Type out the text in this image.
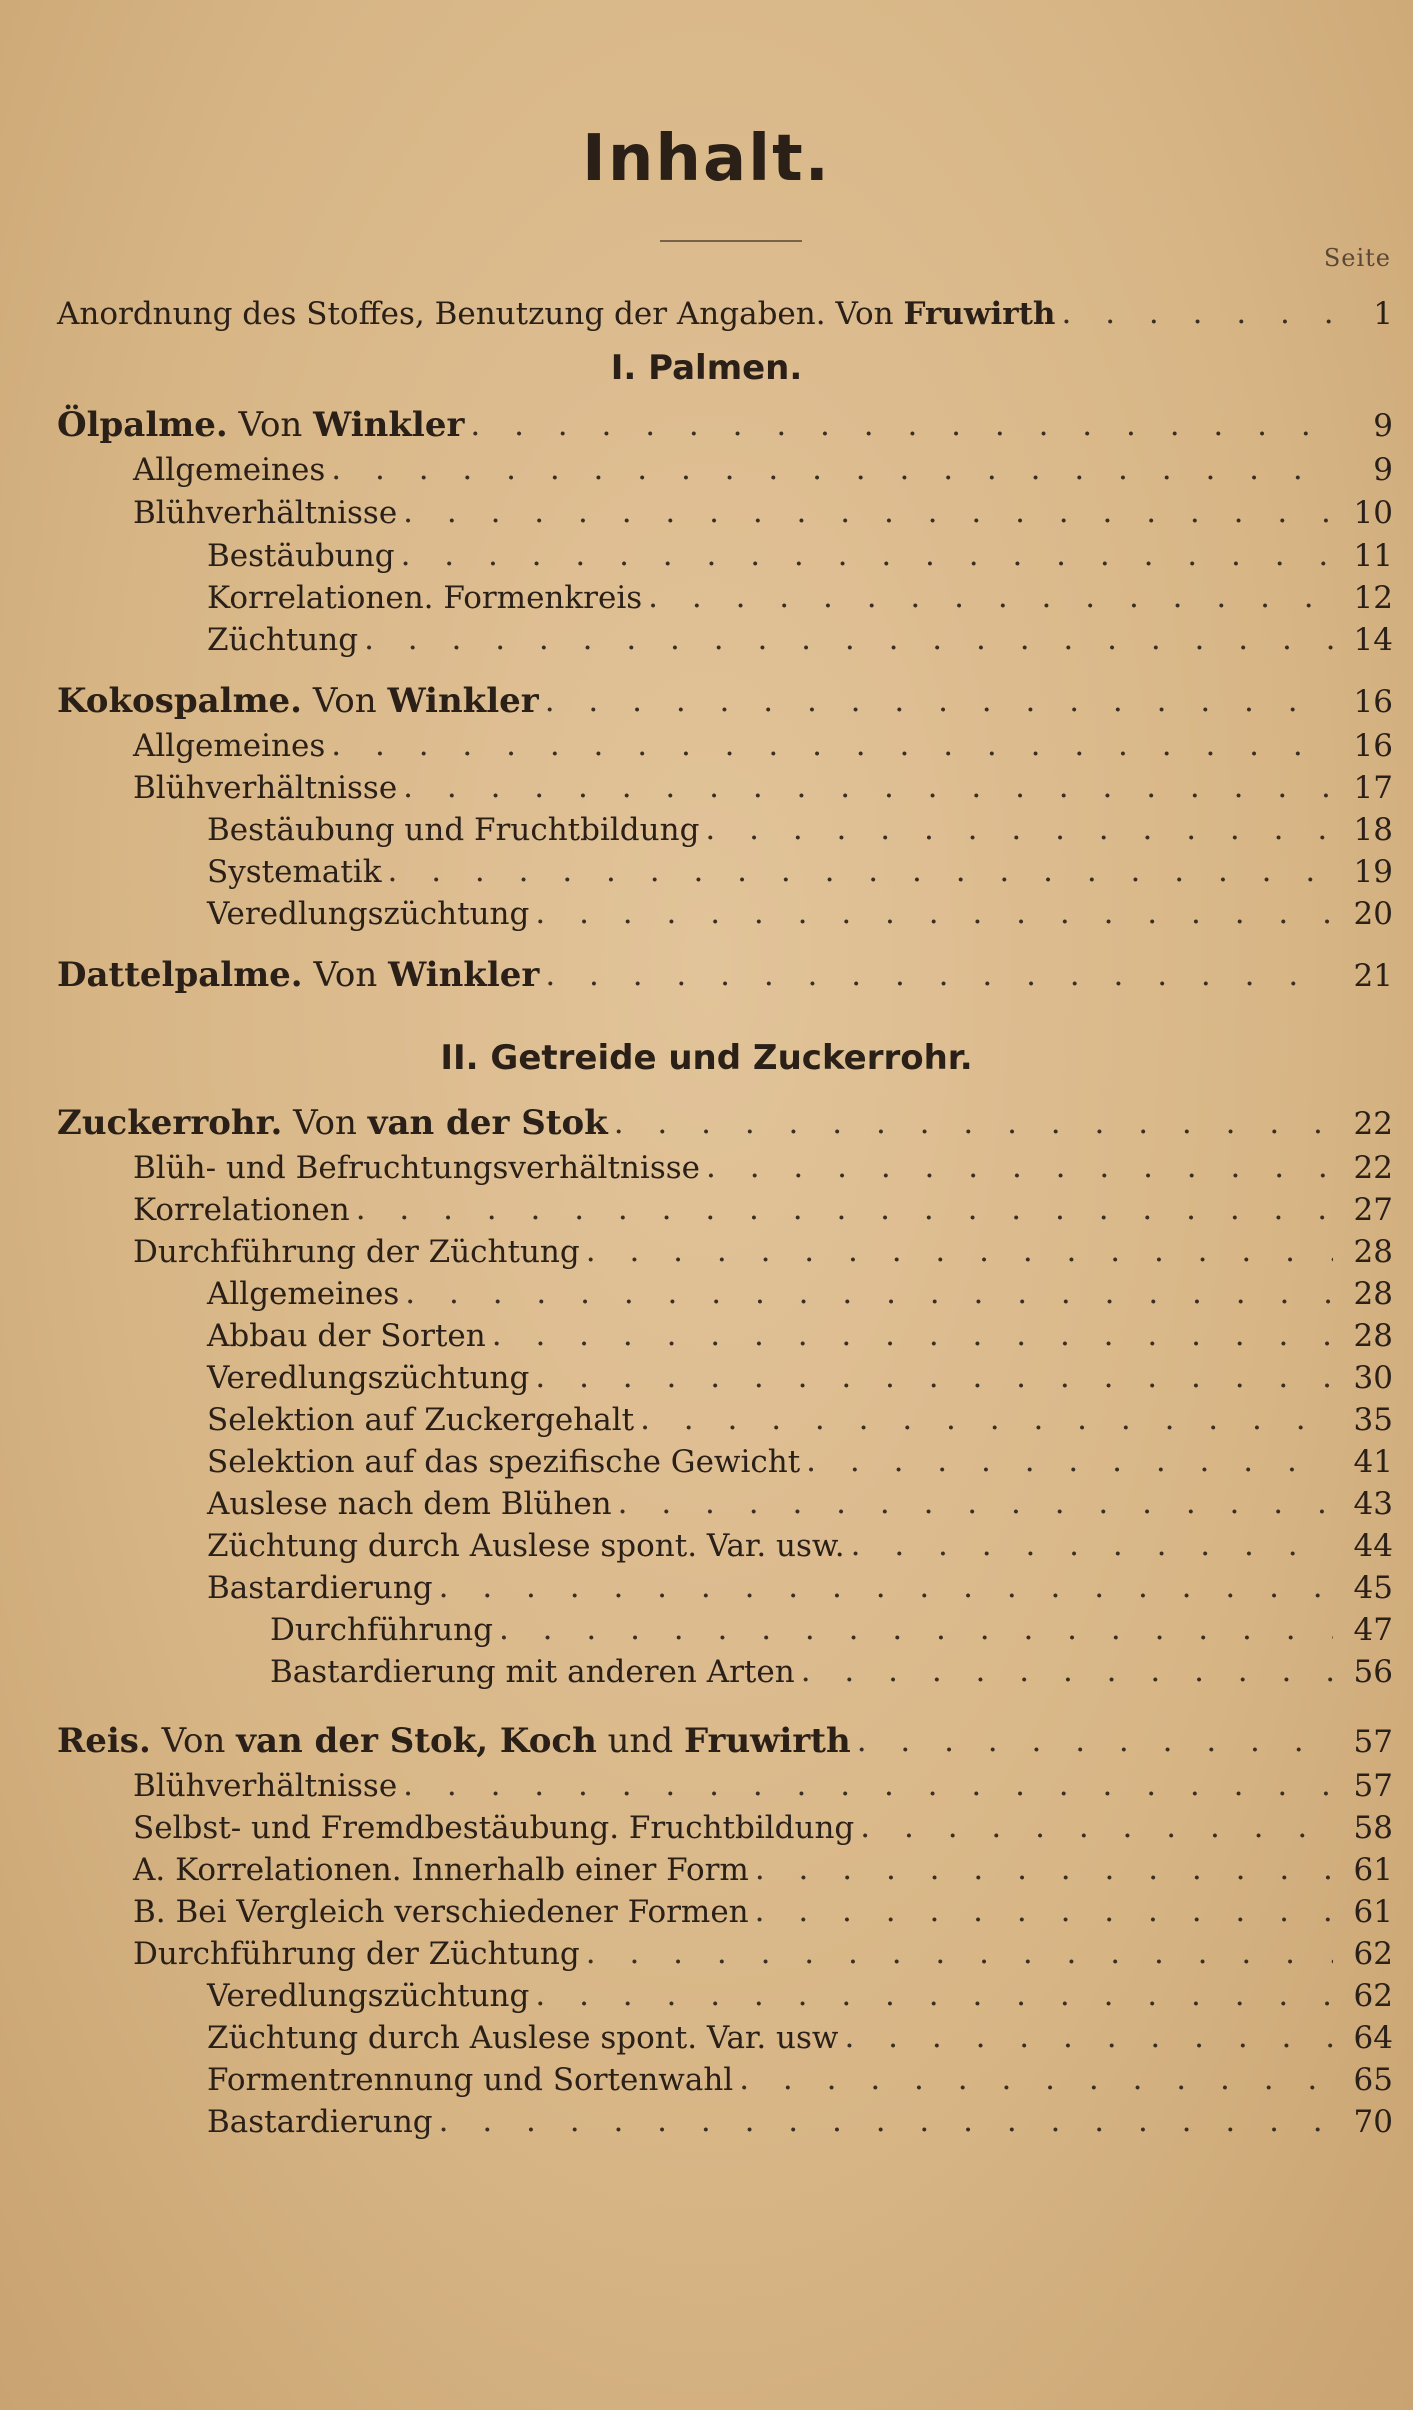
Inhalt.
Seite
Anordnung des Stoffes, Benutzung der Angaben. Von Fruwirth . . .	1
I. Palmen.
Ölpalme. Von Winkler . . .	9
Allgemeines . . .	9
Blühverhältnisse . . .	10
Bestäubung . . .	11
Korrelationen. Formenkreis . . .	12
Züchtung . . .	14
Kokospalme. Von Winkler . . .	16
Allgemeines . . .	16
Blühverhältnisse . . .	17
Bestäubung und Fruchtbildung . . .	18
Systematik . . .	19
Veredlungszüchtung . . .	20
Dattelpalme. Von Winkler . . .	21
II. Getreide und Zuckerrohr.
Zuckerrohr. Von van der Stok . . .	22
Blüh- und Befruchtungsverhältnisse . . .	22
Korrelationen . . .	27
Durchführung der Züchtung . . .	28
Allgemeines . . .	28
Abbau der Sorten . . .	28
Veredlungszüchtung . . .	30
Selektion auf Zuckergehalt . . .	35
Selektion auf das spezifische Gewicht . . .	41
Auslese nach dem Blühen . . .	43
Züchtung durch Auslese spont. Var. usw. . . .	44
Bastardierung . . .	45
Durchführung . . .	47
Bastardierung mit anderen Arten . . .	56
Reis. Von van der Stok, Koch und Fruwirth . . .	57
Blühverhältnisse . . .	57
Selbst- und Fremdbestäubung. Fruchtbildung . . .	58
A. Korrelationen. Innerhalb einer Form . . .	61
B. Bei Vergleich verschiedener Formen . . .	61
Durchführung der Züchtung . . .	62
Veredlungszüchtung . . .	62
Züchtung durch Auslese spont. Var. usw . . .	64
Formentrennung und Sortenwahl . . .	65
Bastardierung . . .	70
